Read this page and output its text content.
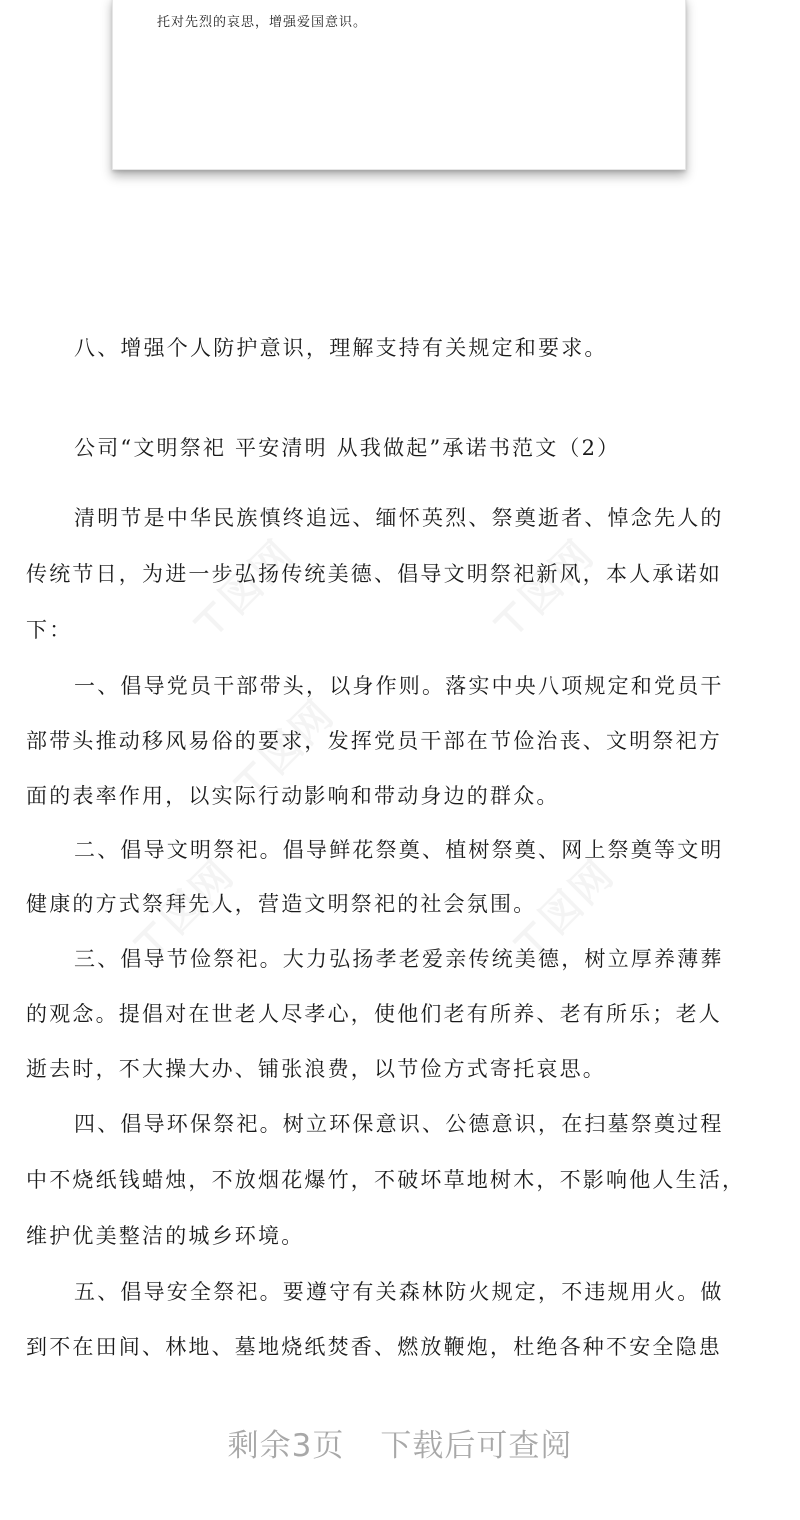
托对先烈的哀思，增强爱国意识。
八、增强个人防护意识，理解支持有关规定和要求。
公司“文明祭祀 平安清明 从我做起”承诺书范文（2）
清明节是中华民族慎终追远、缅怀英烈、祭奠逝者、悼念先人的
传统节日，为进一步弘扬传统美德、倡导文明祭祀新风，本人承诺如
下：
一、倡导党员干部带头，以身作则。落实中央八项规定和党员干
部带头推动移风易俗的要求，发挥党员干部在节俭治丧、文明祭祀方
面的表率作用，以实际行动影响和带动身边的群众。
二、倡导文明祭祀。倡导鲜花祭奠、植树祭奠、网上祭奠等文明
健康的方式祭拜先人，营造文明祭祀的社会氛围。
三、倡导节俭祭祀。大力弘扬孝老爱亲传统美德，树立厚养薄葬
的观念。提倡对在世老人尽孝心，使他们老有所养、老有所乐；老人
逝去时，不大操大办、铺张浪费，以节俭方式寄托哀思。
四、倡导环保祭祀。树立环保意识、公德意识，在扫墓祭奠过程
中不烧纸钱蜡烛，不放烟花爆竹，不破坏草地树木，不影响他人生活，
维护优美整洁的城乡环境。
五、倡导安全祭祀。要遵守有关森林防火规定，不违规用火。做
到不在田间、林地、墓地烧纸焚香、燃放鞭炮，杜绝各种不安全隐患
剩余3页 下载后可查阅
